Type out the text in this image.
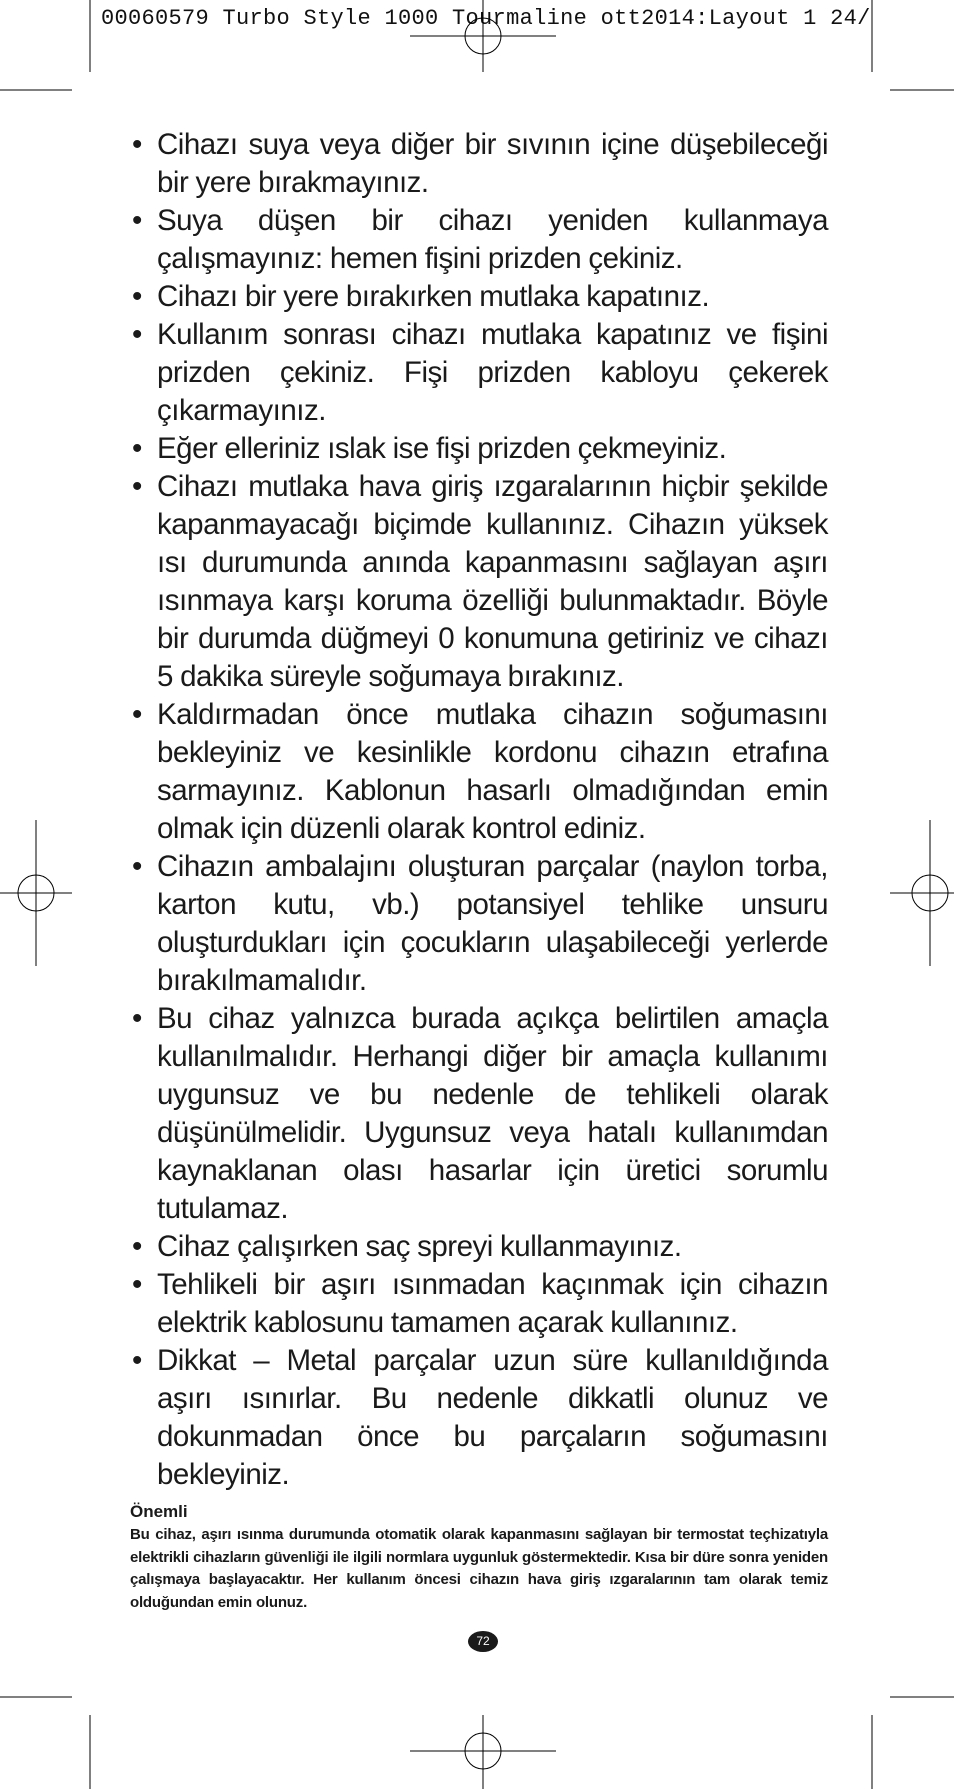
00060579 Turbo Style 1000 Tourmaline ott2014:Layout 1 24/
• Cihazı suya veya diğer bir sıvının içine düşebileceği bir yere bırakmayınız.
• Suya düşen bir cihazı yeniden kullanmaya çalışmayınız: hemen fişini prizden çekiniz.
• Cihazı bir yere bırakırken mutlaka kapatınız.
• Kullanım sonrası cihazı mutlaka kapatınız ve fişini prizden çekiniz. Fişi prizden kabloyu çekerek çıkarmayınız.
• Eğer elleriniz ıslak ise fişi prizden çekmeyiniz.
• Cihazı mutlaka hava giriş ızgaralarının hiçbir şekilde kapanmayacağı biçimde kullanınız. Cihazın yüksek ısı durumunda anında kapanmasını sağlayan aşırı ısınmaya karşı koruma özelliği bulunmaktadır. Böyle bir durumda düğmeyi 0 konumuna getiriniz ve cihazı 5 dakika süreyle soğumaya bırakınız.
• Kaldırmadan önce mutlaka cihazın soğumasını bekleyiniz ve kesinlikle kordonu cihazın etrafına sarmayınız. Kablonun hasarlı olmadığından emin olmak için düzenli olarak kontrol ediniz.
• Cihazın ambalajını oluşturan parçalar (naylon torba, karton kutu, vb.) potansiyel tehlike unsuru oluşturdukları için çocukların ulaşabileceği yerlerde bırakılmamalıdır.
• Bu cihaz yalnızca burada açıkça belirtilen amaçla kullanılmalıdır. Herhangi diğer bir amaçla kullanımı uygunsuz ve bu nedenle de tehlikeli olarak düşünülmelidir. Uygunsuz veya hatalı kullanımdan kaynaklanan olası hasarlar için üretici sorumlu tutulamaz.
• Cihaz çalışırken saç spreyi kullanmayınız.
• Tehlikeli bir aşırı ısınmadan kaçınmak için cihazın elektrik kablosunu tamamen açarak kullanınız.
• Dikkat – Metal parçalar uzun süre kullanıldığında aşırı ısınırlar. Bu nedenle dikkatli olunuz ve dokunmadan önce bu parçaların soğumasını bekleyiniz.
Önemli
Bu cihaz, aşırı ısınma durumunda otomatik olarak kapanmasını sağlayan bir termostat teçhizatıyla elektrikli cihazların güvenliği ile ilgili normlara uygunluk göstermektedir. Kısa bir düre sonra yeniden çalışmaya başlayacaktır. Her kullanım öncesi cihazın hava giriş ızgaralarının tam olarak temiz olduğundan emin olunuz.
72
